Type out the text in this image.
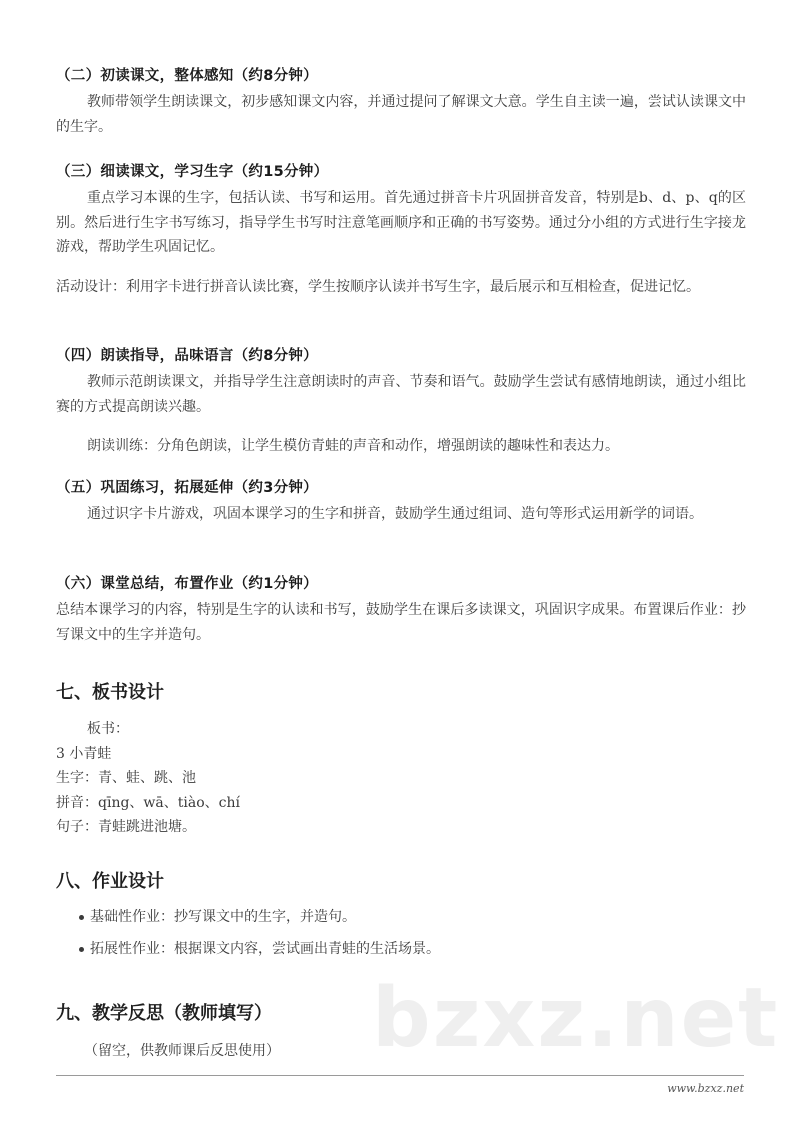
bzxz.net
（二）初读课文，整体感知（约8分钟）
教师带领学生朗读课文，初步感知课文内容，并通过提问了解课文大意。学生自主读一遍，尝试认读课文中的生字。
（三）细读课文，学习生字（约15分钟）
重点学习本课的生字，包括认读、书写和运用。首先通过拼音卡片巩固拼音发音，特别是b、d、p、q的区别。然后进行生字书写练习，指导学生书写时注意笔画顺序和正确的书写姿势。通过分小组的方式进行生字接龙游戏，帮助学生巩固记忆。
活动设计：利用字卡进行拼音认读比赛，学生按顺序认读并书写生字，最后展示和互相检查，促进记忆。
（四）朗读指导，品味语言（约8分钟）
教师示范朗读课文，并指导学生注意朗读时的声音、节奏和语气。鼓励学生尝试有感情地朗读，通过小组比赛的方式提高朗读兴趣。
朗读训练：分角色朗读，让学生模仿青蛙的声音和动作，增强朗读的趣味性和表达力。
（五）巩固练习，拓展延伸（约3分钟）
通过识字卡片游戏，巩固本课学习的生字和拼音，鼓励学生通过组词、造句等形式运用新学的词语。
（六）课堂总结，布置作业（约1分钟）
总结本课学习的内容，特别是生字的认读和书写，鼓励学生在课后多读课文，巩固识字成果。布置课后作业：抄写课文中的生字并造句。
七、板书设计
板书：
3 小青蛙
生字：青、蛙、跳、池
拼音：qīng、wā、tiào、chí
句子：青蛙跳进池塘。
八、作业设计
基础性作业：抄写课文中的生字，并造句。
拓展性作业：根据课文内容，尝试画出青蛙的生活场景。
九、教学反思（教师填写）
（留空，供教师课后反思使用）
www.bzxz.net
